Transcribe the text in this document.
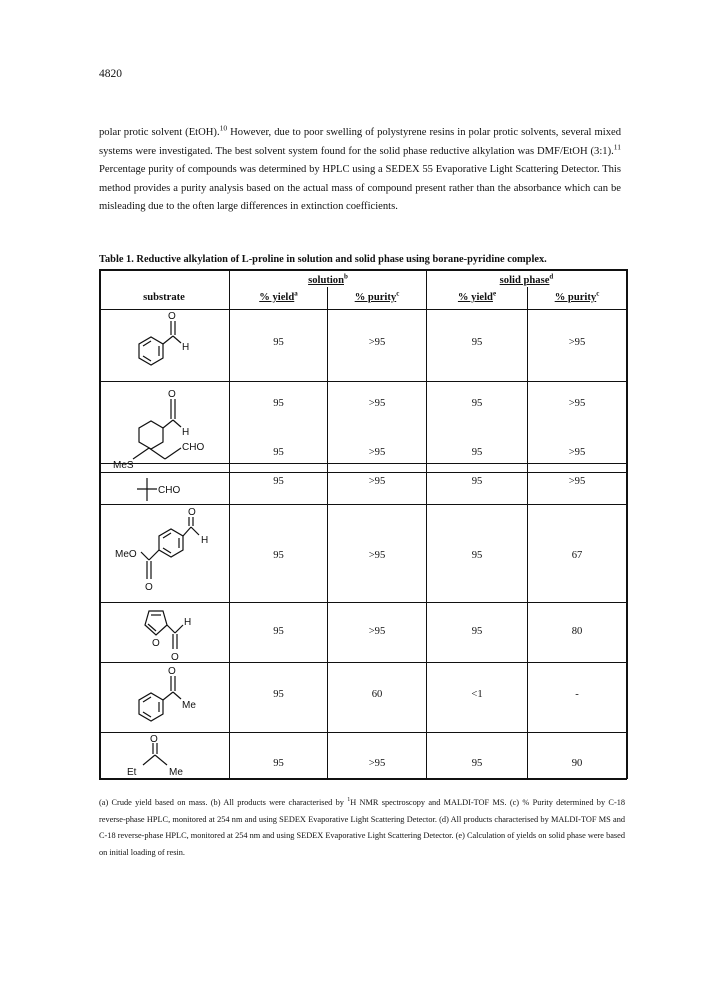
4820
polar protic solvent (EtOH).$^{10}$ However, due to poor swelling of polystyrene resins in polar protic solvents, several mixed systems were investigated. The best solvent system found for the solid phase reductive alkylation was DMF/EtOH (3:1).$^{11}$ Percentage purity of compounds was determined by HPLC using a SEDEX 55 Evaporative Light Scattering Detector. This method provides a purity analysis based on the actual mass of compound present rather than the absorbance which can be misleading due to the often large differences in extinction coefficients.
Table 1. Reductive alkylation of L-proline in solution and solid phase using borane-pyridine complex.
solution$^b$	solid phase$^d$
substrate	% yield$^a$	% purity$^c$	% yield$^e$	% purity$^c$
O
H	95	>95	95	>95
O
H
95	>95	95	>95
CHO
MeS
95	>95	95	>95
CHO
95	>95	95	>95
O
H
MeO
O
95	>95	95	67
O
H
O
95	>95	95	80
O
Me
95	60	<1	-
O
Et	Me
95	>95	95	90
(a) Crude yield based on mass. (b) All products were characterised by $^1$H NMR spectroscopy and MALDI-TOF MS. (c) % Purity determined by C-18 reverse-phase HPLC, monitored at 254 nm and using SEDEX Evaporative Light Scattering Detector. (d) All products characterised by MALDI-TOF MS and C-18 reverse-phase HPLC, monitored at 254 nm and using SEDEX Evaporative Light Scattering Detector. (e) Calculation of yields on solid phase were based on initial loading of resin.
